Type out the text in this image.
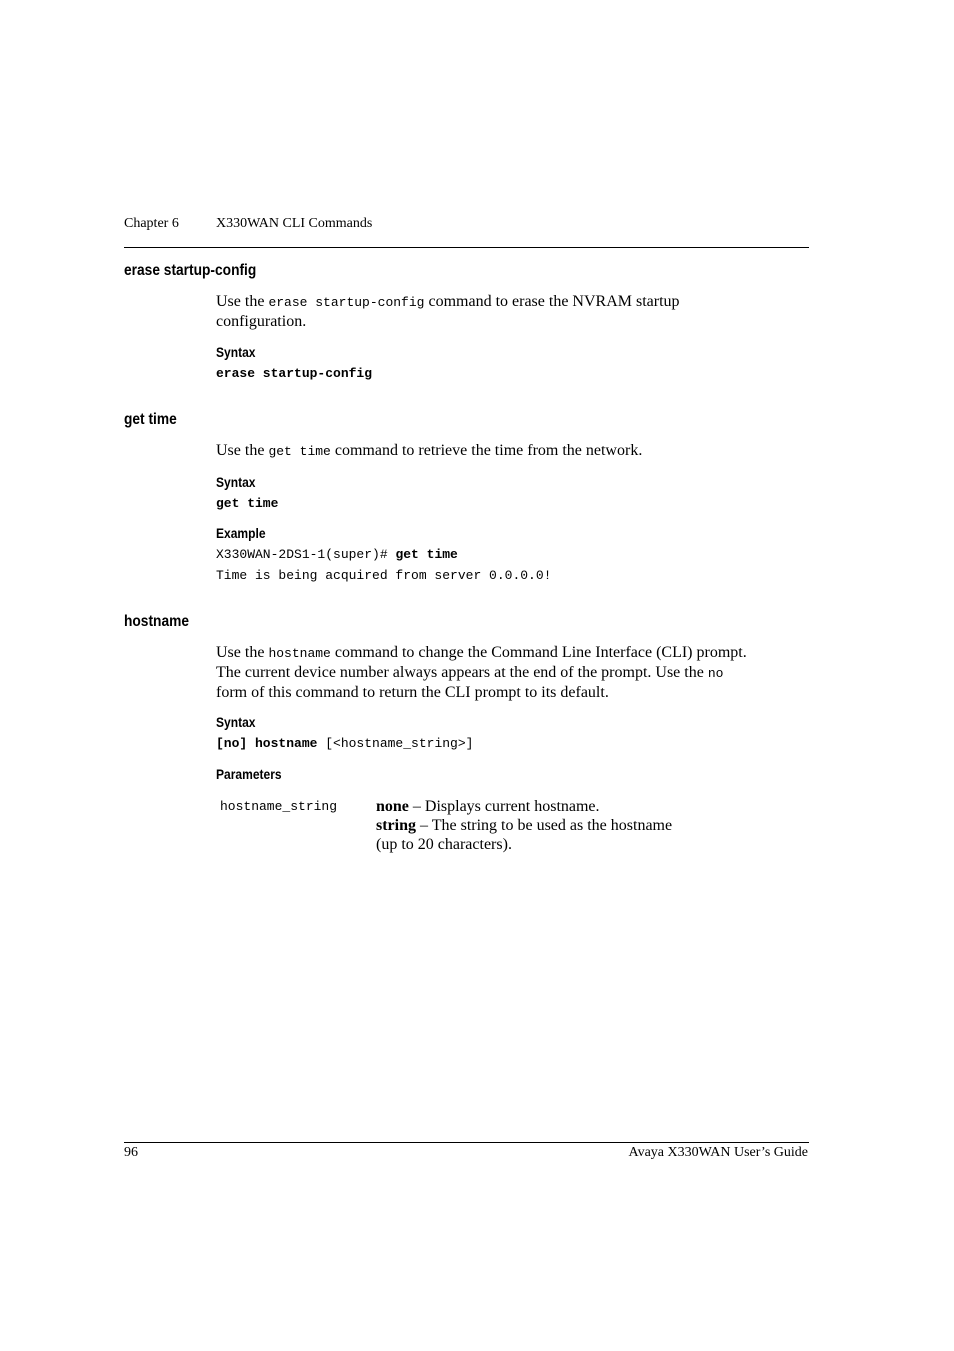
Chapter 6	X330WAN CLI Commands
erase startup-config
Use the erase startup-config command to erase the NVRAM startup
configuration.
Syntax
erase startup-config
get time
Use the get time command to retrieve the time from the network.
Syntax
get time
Example
X330WAN-2DS1-1(super)# get time
Time is being acquired from server 0.0.0.0!
hostname
Use the hostname command to change the Command Line Interface (CLI) prompt.
The current device number always appears at the end of the prompt. Use the no
form of this command to return the CLI prompt to its default.
Syntax
[no] hostname [<hostname_string>]
Parameters
hostname_string none – Displays current hostname.
string – The string to be used as the hostname
(up to 20 characters).
96	Avaya X330WAN User’s Guide
